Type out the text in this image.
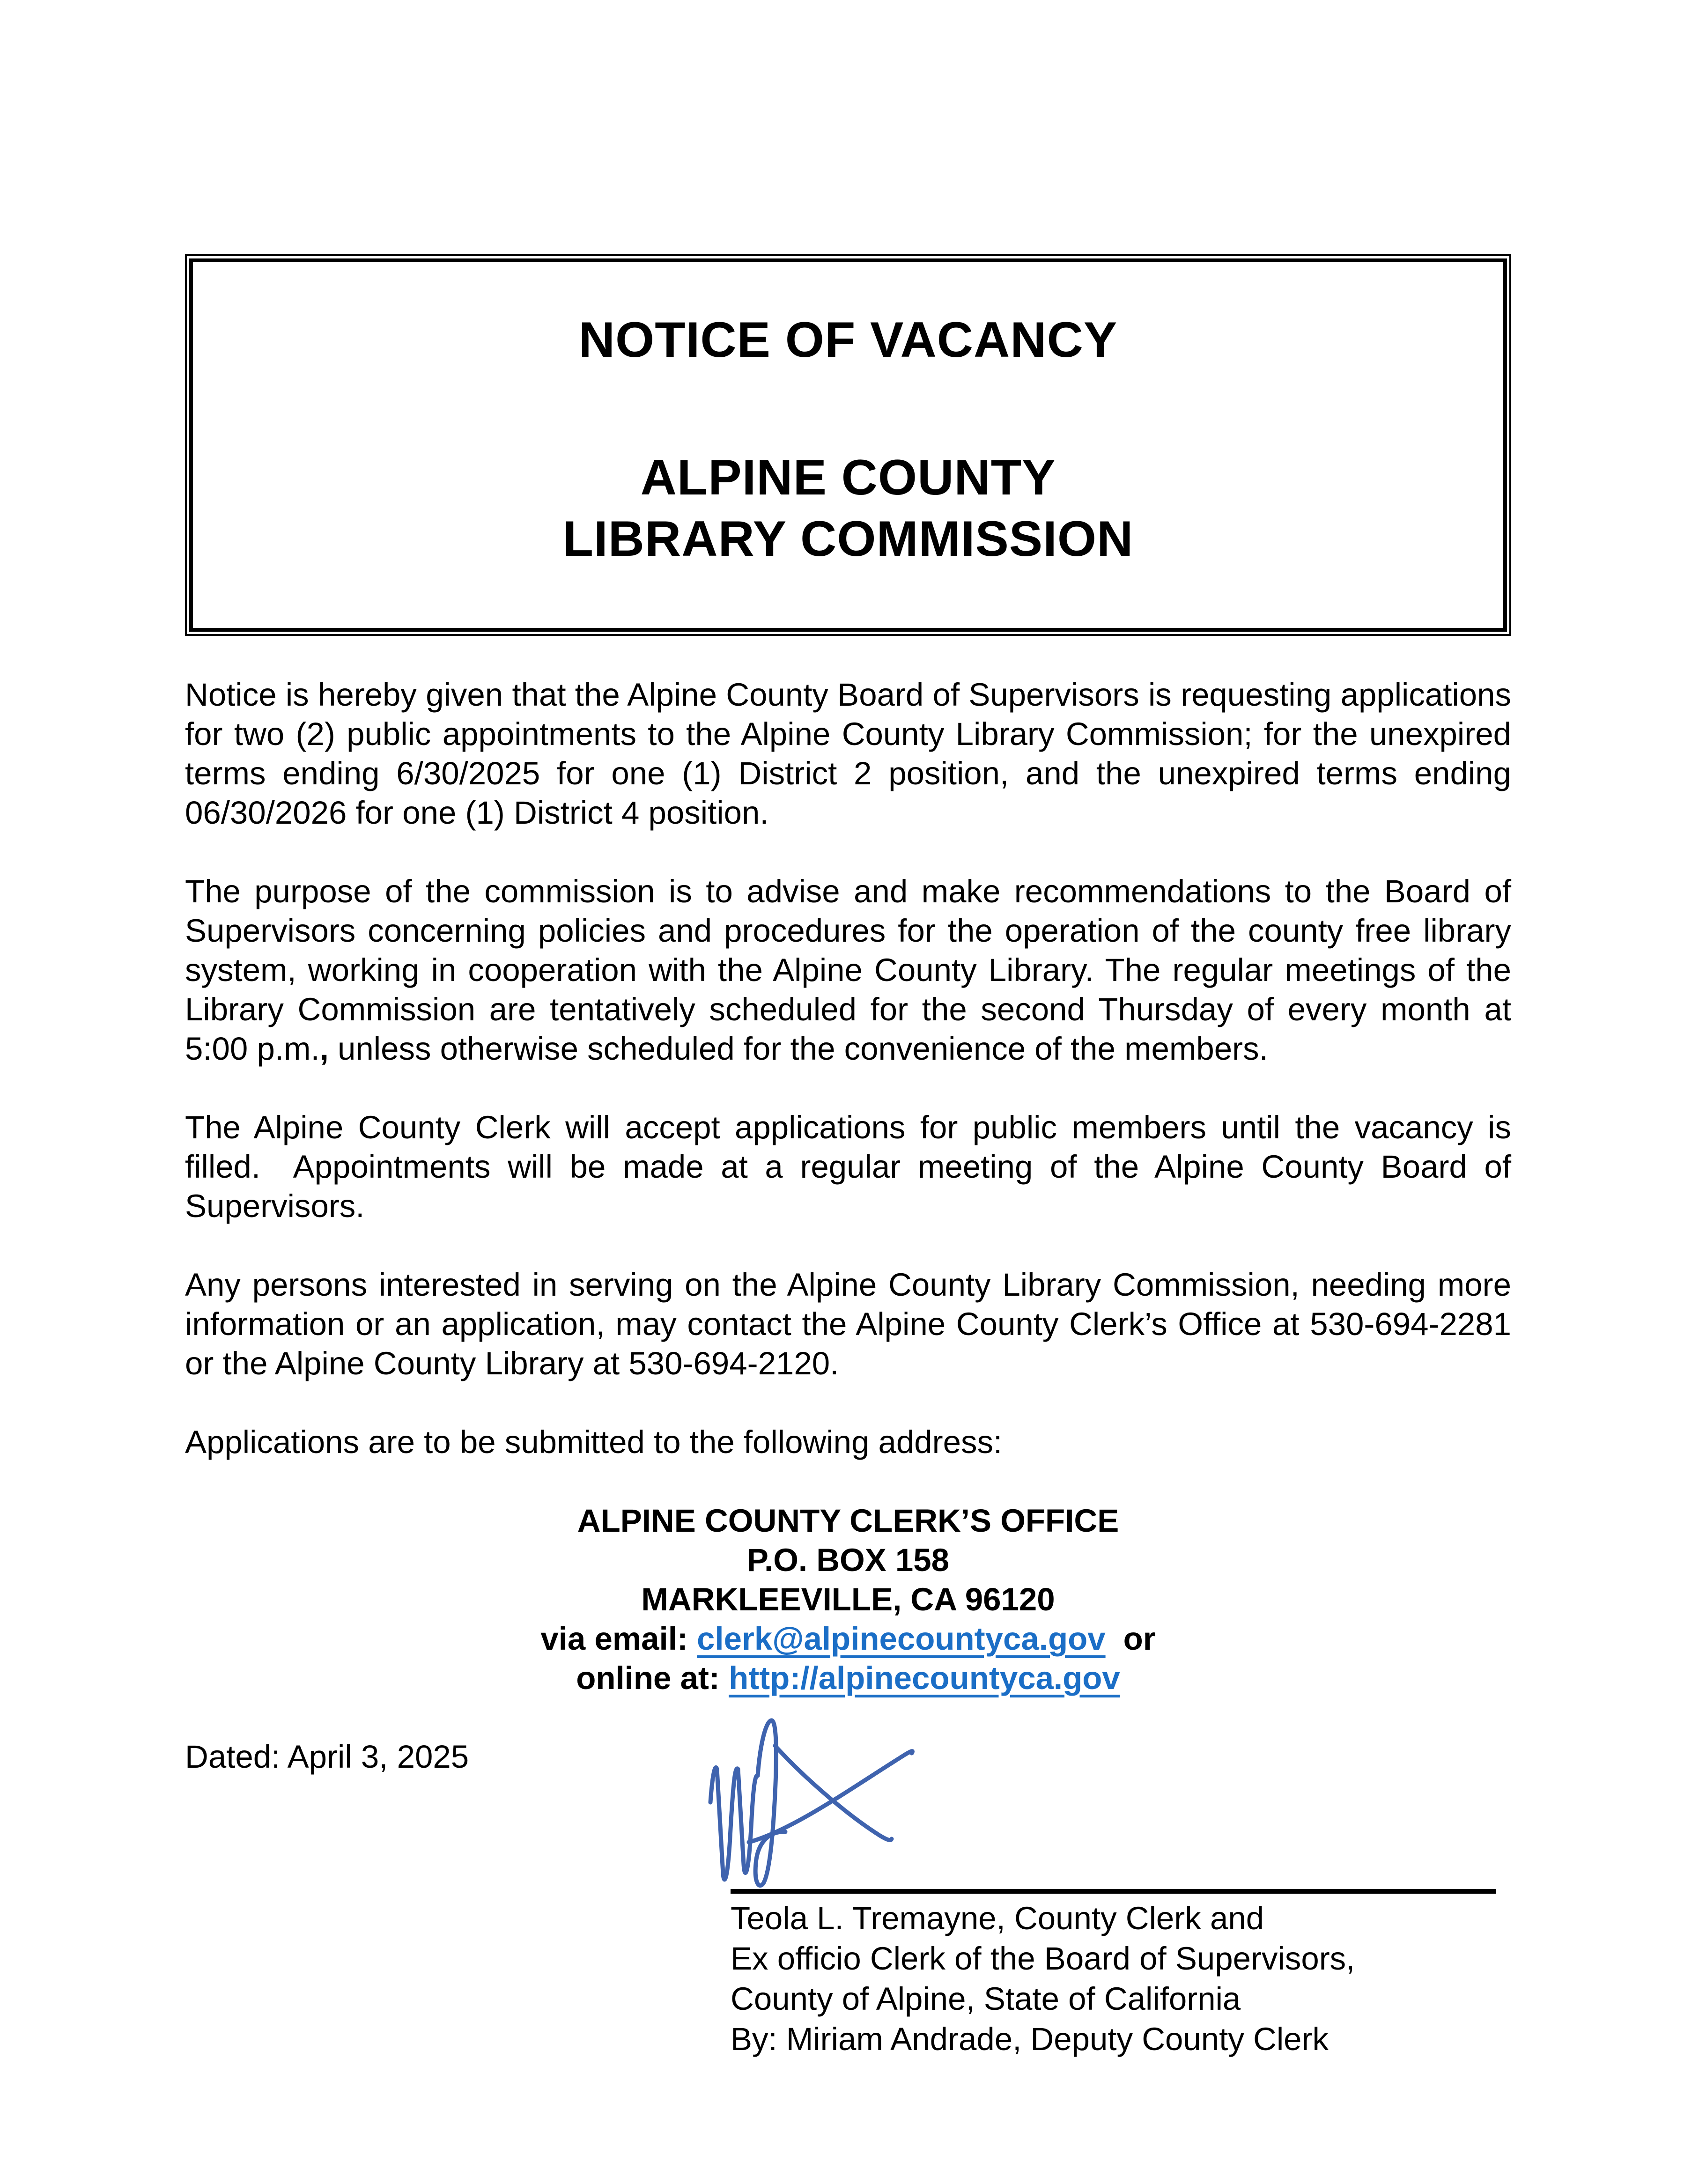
NOTICE OF VACANCY
ALPINE COUNTY
LIBRARY COMMISSION

Notice is hereby given that the Alpine County Board of Supervisors is requesting applications for two (2) public appointments to the Alpine County Library Commission; for the unexpired terms ending 6/30/2025 for one (1) District 2 position, and the unexpired terms ending 06/30/2026 for one (1) District 4 position.

The purpose of the commission is to advise and make recommendations to the Board of Supervisors concerning policies and procedures for the operation of the county free library system, working in cooperation with the Alpine County Library. The regular meetings of the Library Commission are tentatively scheduled for the second Thursday of every month at 5:00 p.m., unless otherwise scheduled for the convenience of the members.

The Alpine County Clerk will accept applications for public members until the vacancy is filled.  Appointments will be made at a regular meeting of the Alpine County Board of Supervisors.

Any persons interested in serving on the Alpine County Library Commission, needing more information or an application, may contact the Alpine County Clerk’s Office at 530-694-2281 or the Alpine County Library at 530-694-2120.

Applications are to be submitted to the following address:

ALPINE COUNTY CLERK’S OFFICE
P.O. BOX 158
MARKLEEVILLE, CA 96120
via email: clerk@alpinecountyca.gov or
online at: http://alpinecountyca.gov

Dated: April 3, 2025

Teola L. Tremayne, County Clerk and
Ex officio Clerk of the Board of Supervisors,
County of Alpine, State of California
By: Miriam Andrade, Deputy County Clerk
